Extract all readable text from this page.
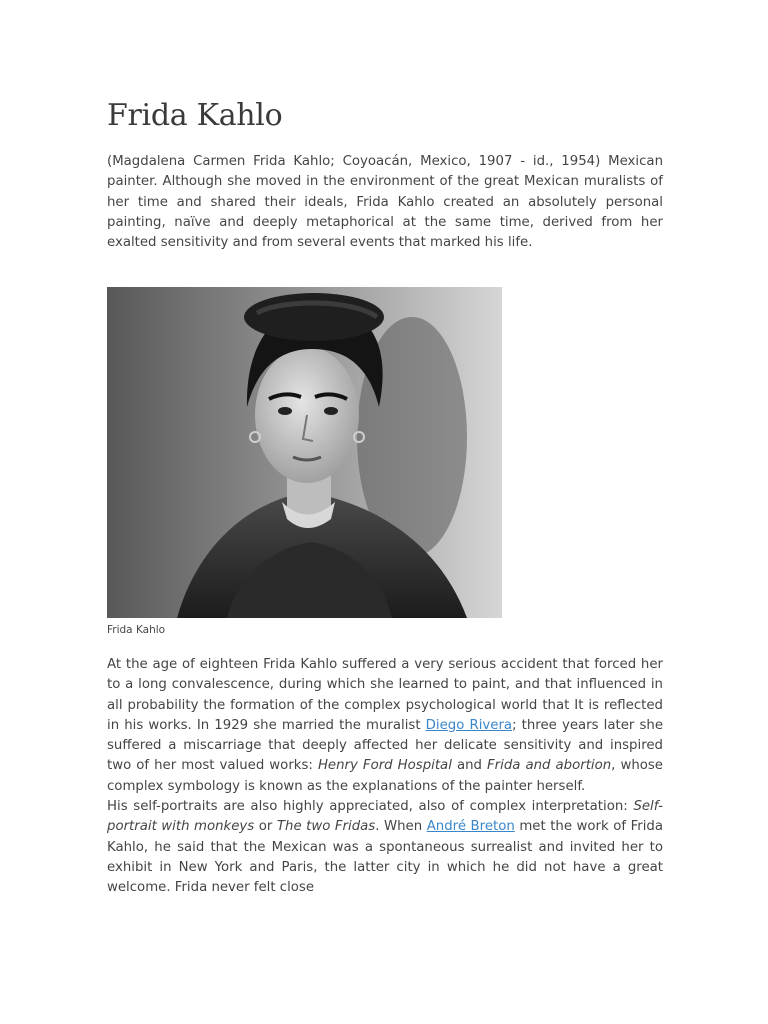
Frida Kahlo

(Magdalena Carmen Frida Kahlo; Coyoacán, Mexico, 1907 - id., 1954) Mexican painter. Although she moved in the environment of the great Mexican muralists of her time and shared their ideals, Frida Kahlo created an absolutely personal painting, naïve and deeply metaphorical at the same time, derived from her exalted sensitivity and from several events that marked his life.

Frida Kahlo

At the age of eighteen Frida Kahlo suffered a very serious accident that forced her to a long convalescence, during which she learned to paint, and that influenced in all probability the formation of the complex psychological world that It is reflected in his works. In 1929 she married the muralist Diego Rivera; three years later she suffered a miscarriage that deeply affected her delicate sensitivity and inspired two of her most valued works: Henry Ford Hospital and Frida and abortion, whose complex symbology is known as the explanations of the painter herself.
His self-portraits are also highly appreciated, also of complex interpretation: Self-portrait with monkeys or The two Fridas. When André Breton met the work of Frida Kahlo, he said that the Mexican was a spontaneous surrealist and invited her to exhibit in New York and Paris, the latter city in which he did not have a great welcome. Frida never felt close
